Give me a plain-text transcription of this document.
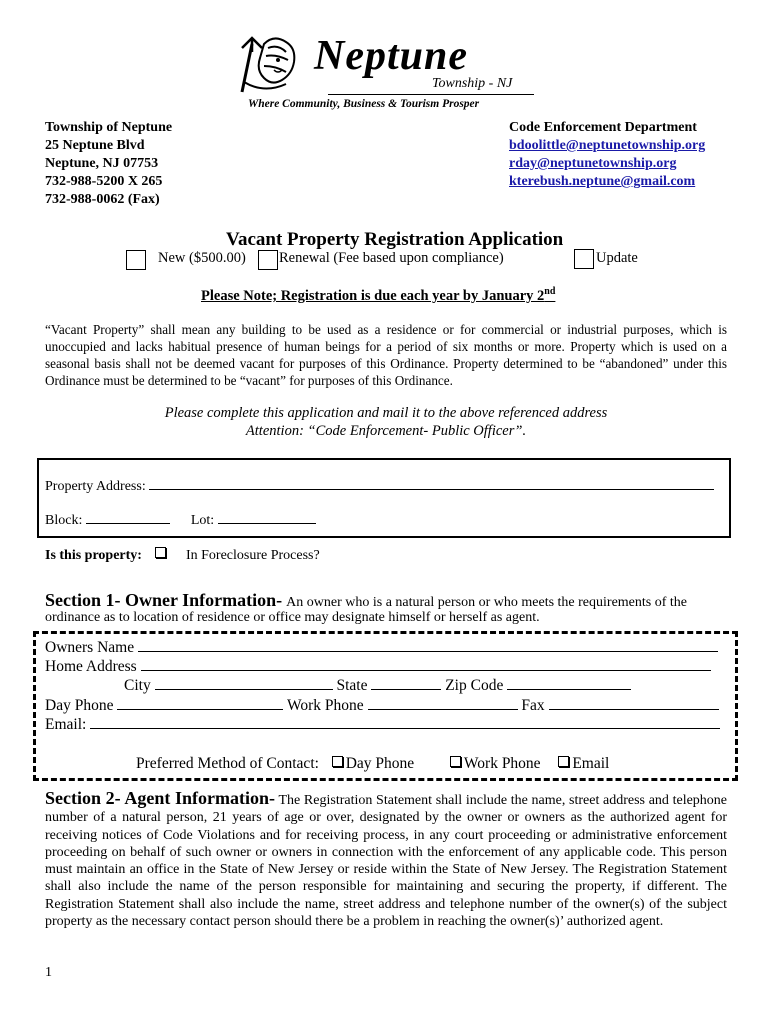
Neptune
Township - NJ
Where Community, Business & Tourism Prosper
Township of Neptune
25 Neptune Blvd
Neptune, NJ 07753
732-988-5200 X 265
732-988-0062 (Fax)
Code Enforcement Department
bdoolittle@neptunetownship.org
rday@neptunetownship.org
kterebush.neptune@gmail.com
Vacant Property Registration Application
New ($500.00) Renewal (Fee based upon compliance)	Update
Please Note; Registration is due each year by January 2nd
“Vacant Property” shall mean any building to be used as a residence or for commercial or industrial purposes, which is unoccupied and lacks habitual presence of human beings for a period of six months or more. Property which is used on a seasonal basis shall not be deemed vacant for purposes of this Ordinance. Property determined to be “abandoned” under this Ordinance must be determined to be “vacant” for purposes of this Ordinance.
Please complete this application and mail it to the above referenced address
Attention: “Code Enforcement- Public Officer”.
Property Address:
Block:	Lot:
Is this property:	In Foreclosure Process?
Section 1- Owner Information- An owner who is a natural person or who meets the requirements of the
ordinance as to location of residence or office may designate himself or herself as agent.
Owners Name
Home Address
City	State	Zip Code
Day Phone	Work Phone	Fax
Email:
Preferred Method of Contact: Day Phone	Work Phone Email
Section 2- Agent Information- The Registration Statement shall include the name, street address and telephone number of a natural person, 21 years of age or over, designated by the owner or owners as the authorized agent for receiving notices of Code Violations and for receiving process, in any court proceeding or administrative enforcement proceeding on behalf of such owner or owners in connection with the enforcement of any applicable code. This person must maintain an office in the State of New Jersey or reside within the State of New Jersey. The Registration Statement shall also include the name of the person responsible for maintaining and securing the property, if different. The Registration Statement shall also include the name, street address and telephone number of the owner(s) of the subject property as the necessary contact person should there be a problem in reaching the owner(s)’ authorized agent.
1
